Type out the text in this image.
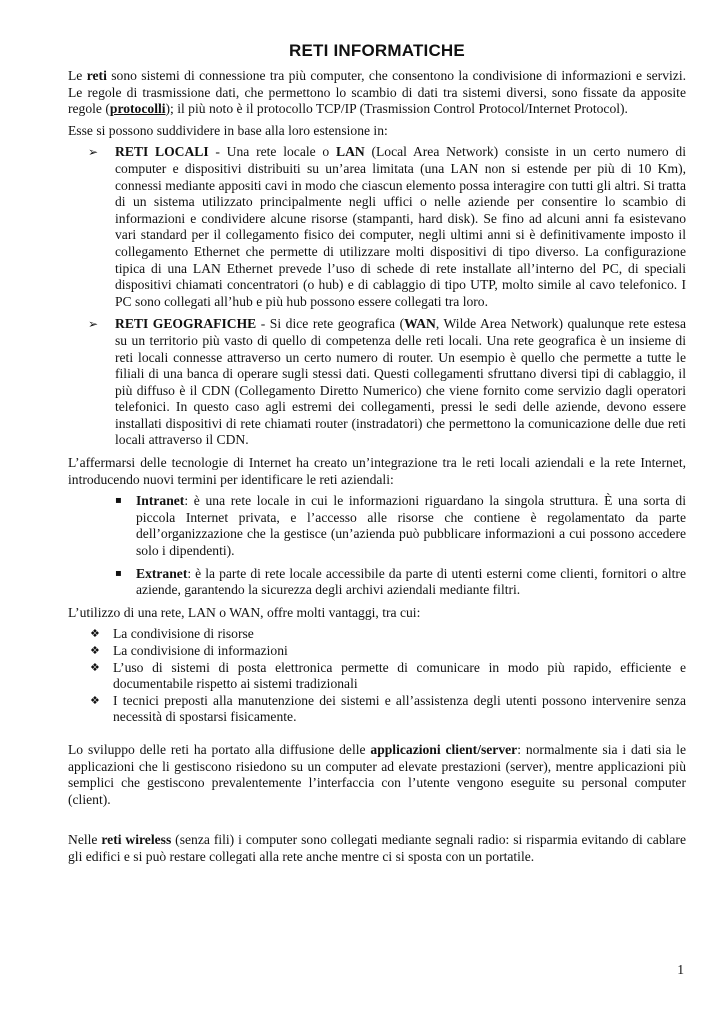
RETI INFORMATICHE

Le reti sono sistemi di connessione tra più computer, che consentono la condivisione di informazioni e servizi. Le regole di trasmissione dati, che permettono lo scambio di dati tra sistemi diversi, sono fissate da apposite regole (protocolli); il più noto è il protocollo TCP/IP (Trasmission Control Protocol/Internet Protocol).

Esse si possono suddividere in base alla loro estensione in:

➢ RETI LOCALI - Una rete locale o LAN (Local Area Network) consiste in un certo numero di computer e dispositivi distribuiti su un’area limitata (una LAN non si estende per più di 10 Km), connessi mediante appositi cavi in modo che ciascun elemento possa interagire con tutti gli altri. Si tratta di un sistema utilizzato principalmente negli uffici o nelle aziende per consentire lo scambio di informazioni e condividere alcune risorse (stampanti, hard disk). Se fino ad alcuni anni fa esistevano vari standard per il collegamento fisico dei computer, negli ultimi anni si è definitivamente imposto il collegamento Ethernet che permette di utilizzare molti dispositivi di tipo diverso. La configurazione tipica di una LAN Ethernet prevede l’uso di schede di rete installate all’interno del PC, di speciali dispositivi chiamati concentratori (o hub) e di cablaggio di tipo UTP, molto simile al cavo telefonico. I PC sono collegati all’hub e più hub possono essere collegati tra loro.
➢ RETI GEOGRAFICHE - Si dice rete geografica (WAN, Wilde Area Network) qualunque rete estesa su un territorio più vasto di quello di competenza delle reti locali. Una rete geografica è un insieme di reti locali connesse attraverso un certo numero di router. Un esempio è quello che permette a tutte le filiali di una banca di operare sugli stessi dati. Questi collegamenti sfruttano diversi tipi di cablaggio, il più diffuso è il CDN (Collegamento Diretto Numerico) che viene fornito come servizio dagli operatori telefonici. In questo caso agli estremi dei collegamenti, pressi le sedi delle aziende, devono essere installati dispositivi di rete chiamati router (instradatori) che permettono la comunicazione delle due reti locali attraverso il CDN.

L’affermarsi delle tecnologie di Internet ha creato un’integrazione tra le reti locali aziendali e la rete Internet, introducendo nuovi termini per identificare le reti aziendali:

▪ Intranet: è una rete locale in cui le informazioni riguardano la singola struttura. È una sorta di piccola Internet privata, e l’accesso alle risorse che contiene è regolamentato da parte dell’organizzazione che la gestisce (un’azienda può pubblicare informazioni a cui possono accedere solo i dipendenti).
▪ Extranet: è la parte di rete locale accessibile da parte di utenti esterni come clienti, fornitori o altre aziende, garantendo la sicurezza degli archivi aziendali mediante filtri.

L’utilizzo di una rete, LAN o WAN, offre molti vantaggi, tra cui:

❖ La condivisione di risorse
❖ La condivisione di informazioni
❖ L’uso di sistemi di posta elettronica permette di comunicare in modo più rapido, efficiente e documentabile rispetto ai sistemi tradizionali
❖ I tecnici preposti alla manutenzione dei sistemi e all’assistenza degli utenti possono intervenire senza necessità di spostarsi fisicamente.

Lo sviluppo delle reti ha portato alla diffusione delle applicazioni client/server: normalmente sia i dati sia le applicazioni che li gestiscono risiedono su un computer ad elevate prestazioni (server), mentre applicazioni più semplici che gestiscono prevalentemente l’interfaccia con l’utente vengono eseguite su personal computer (client).

Nelle reti wireless (senza fili) i computer sono collegati mediante segnali radio: si risparmia evitando di cablare gli edifici e si può restare collegati alla rete anche mentre ci si sposta con un portatile.

1
